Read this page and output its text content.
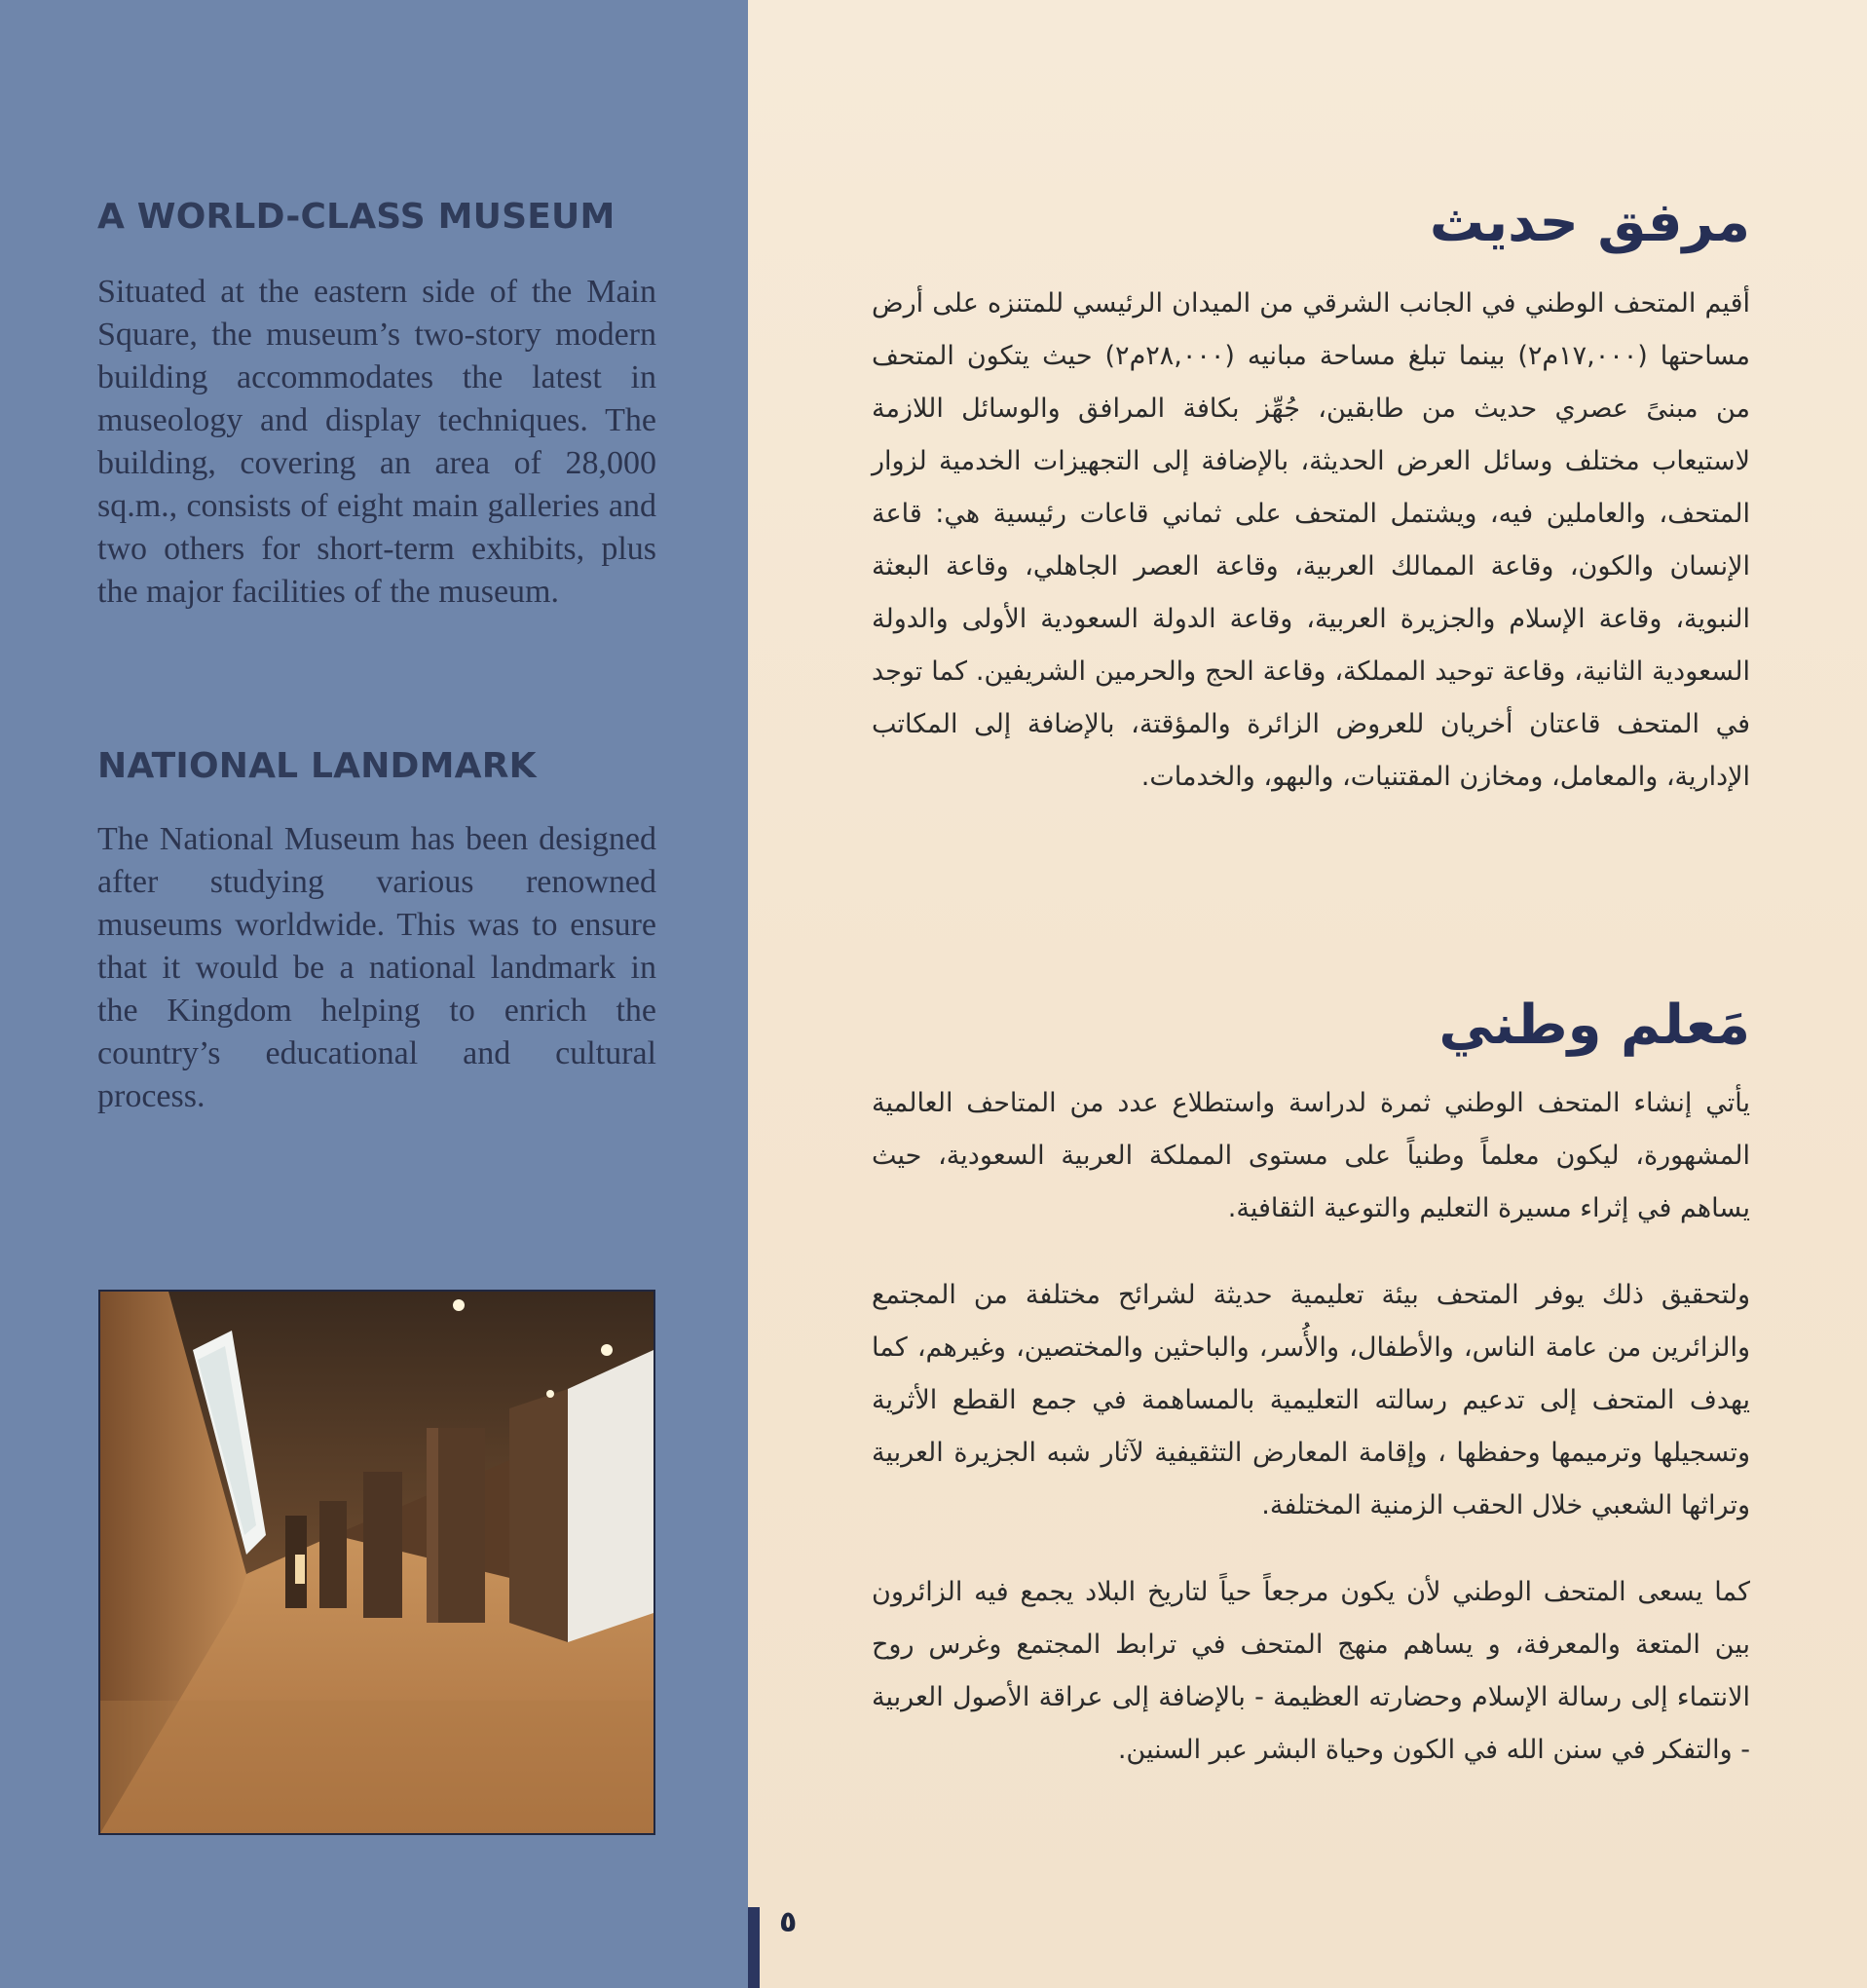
A WORLD-CLASS MUSEUM

Situated at the eastern side of the Main Square, the museum’s two-story modern building accommodates the latest in museology and display techniques. The building, covering an area of 28,000 sq.m., consists of eight main galleries and two others for short-term exhibits, plus the major facilities of the museum.

NATIONAL LANDMARK

The National Museum has been designed after studying various renowned museums worldwide. This was to ensure that it would be a national landmark in the Kingdom helping to enrich the country’s educational and cultural process.

مرفق حديث

أقيم المتحف الوطني في الجانب الشرقي من الميدان الرئيسي للمتنزه على أرض مساحتها (١٧,٠٠٠م٢) بينما تبلغ مساحة مبانيه (٢٨,٠٠٠م٢) حيث يتكون المتحف من مبنىً عصري حديث من طابقين، جُهِّز بكافة المرافق والوسائل اللازمة لاستيعاب مختلف وسائل العرض الحديثة، بالإضافة إلى التجهيزات الخدمية لزوار المتحف، والعاملين فيه، ويشتمل المتحف على ثماني قاعات رئيسية هي: قاعة الإنسان والكون، وقاعة الممالك العربية، وقاعة العصر الجاهلي، وقاعة البعثة النبوية، وقاعة الإسلام والجزيرة العربية، وقاعة الدولة السعودية الأولى والدولة السعودية الثانية، وقاعة توحيد المملكة، وقاعة الحج والحرمين الشريفين. كما توجد في المتحف قاعتان أخريان للعروض الزائرة والمؤقتة، بالإضافة إلى المكاتب الإدارية، والمعامل، ومخازن المقتنيات، والبهو، والخدمات.

مَعلم وطني

يأتي إنشاء المتحف الوطني ثمرة لدراسة واستطلاع عدد من المتاحف العالمية المشهورة، ليكون معلماً وطنياً على مستوى المملكة العربية السعودية، حيث يساهم في إثراء مسيرة التعليم والتوعية الثقافية.

ولتحقيق ذلك يوفر المتحف بيئة تعليمية حديثة لشرائح مختلفة من المجتمع والزائرين من عامة الناس، والأطفال، والأُسر، والباحثين والمختصين، وغيرهم، كما يهدف المتحف إلى تدعيم رسالته التعليمية بالمساهمة في جمع القطع الأثرية وتسجيلها وترميمها وحفظها ، وإقامة المعارض التثقيفية لآثار شبه الجزيرة العربية وتراثها الشعبي خلال الحقب الزمنية المختلفة.

كما يسعى المتحف الوطني لأن يكون مرجعاً حياً لتاريخ البلاد يجمع فيه الزائرون بين المتعة والمعرفة، و يساهم منهج المتحف في ترابط المجتمع وغرس روح الانتماء إلى رسالة الإسلام وحضارته العظيمة - بالإضافة إلى عراقة الأصول العربية - والتفكر في سنن الله في الكون وحياة البشر عبر السنين.

٥
